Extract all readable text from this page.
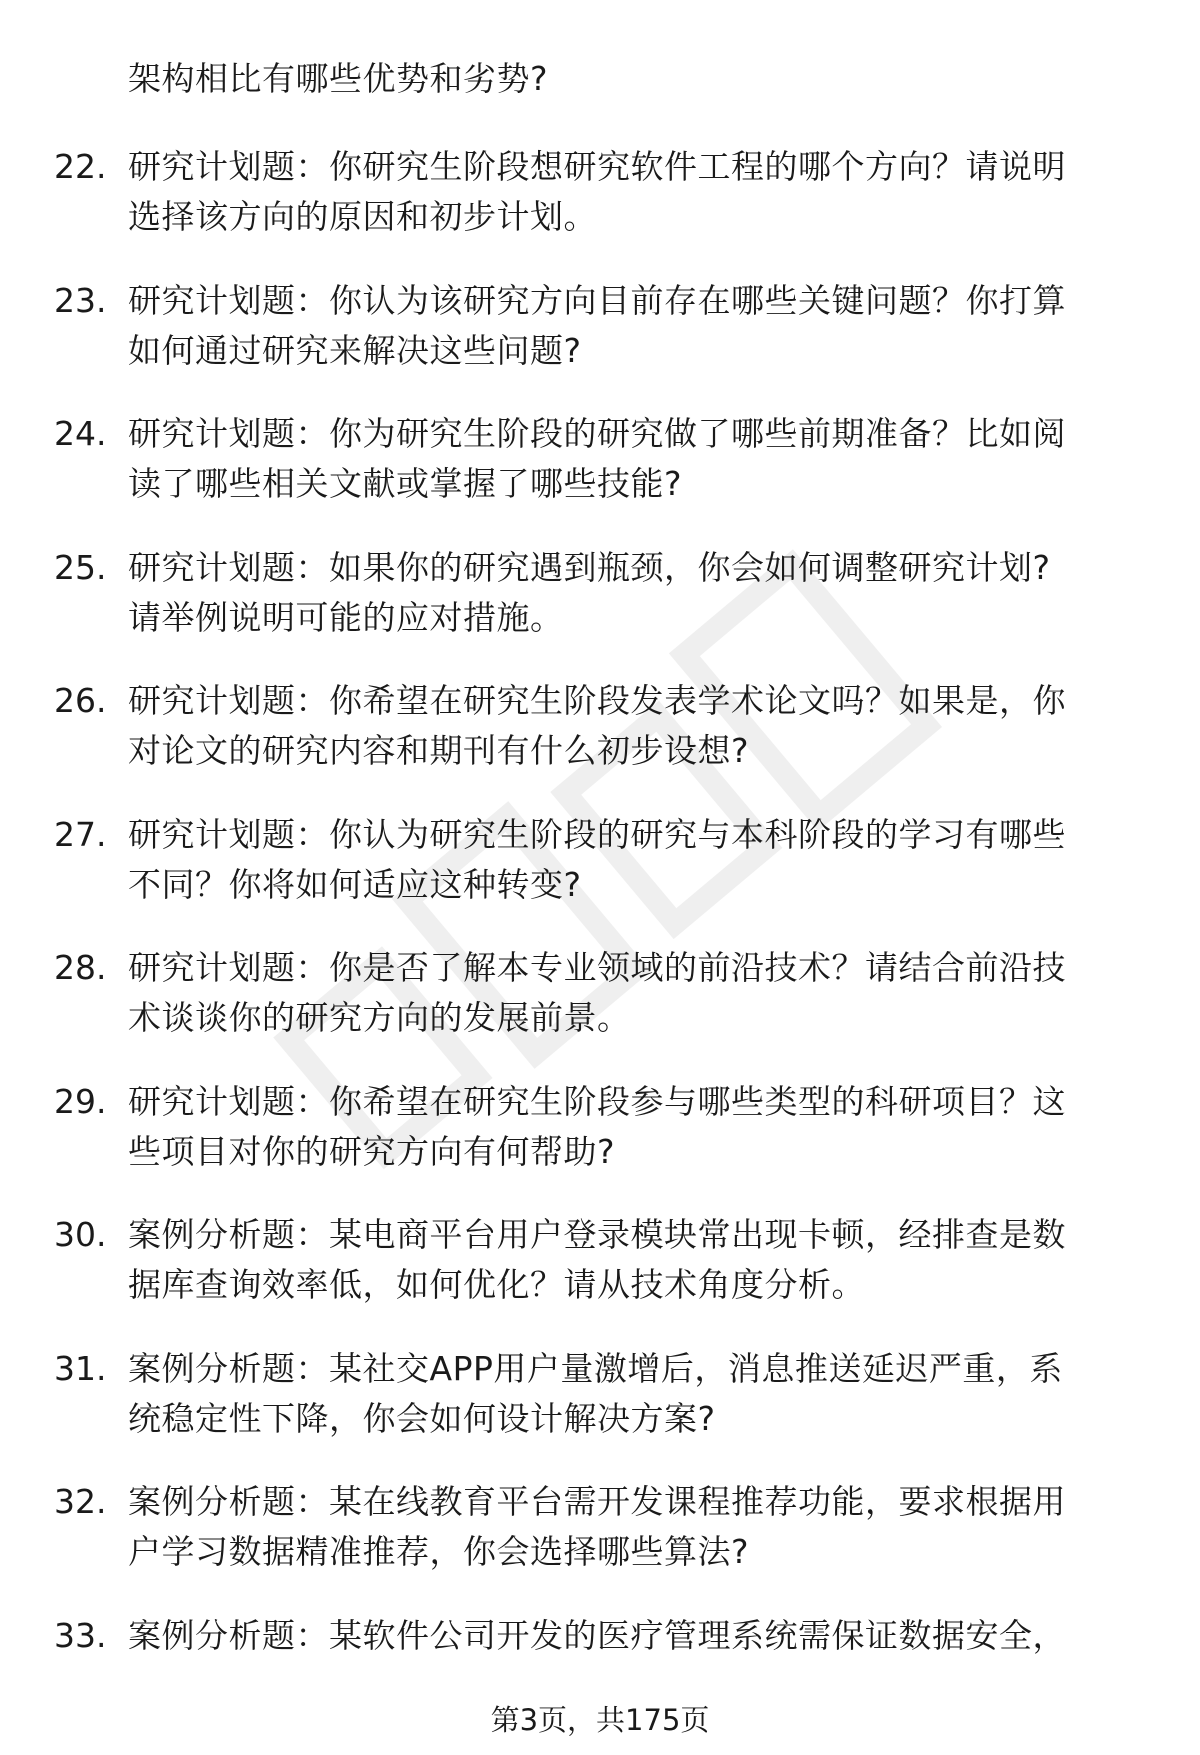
架构相比有哪些优势和劣势?
22. 研究计划题：你研究生阶段想研究软件工程的哪个方向？请说明
选择该方向的原因和初步计划。
23. 研究计划题：你认为该研究方向目前存在哪些关键问题？你打算
如何通过研究来解决这些问题?
24. 研究计划题：你为研究生阶段的研究做了哪些前期准备？比如阅
读了哪些相关文献或掌握了哪些技能?
25. 研究计划题：如果你的研究遇到瓶颈，你会如何调整研究计划?
请举例说明可能的应对措施。
26. 研究计划题：你希望在研究生阶段发表学术论文吗？如果是，你
对论文的研究内容和期刊有什么初步设想?
27. 研究计划题：你认为研究生阶段的研究与本科阶段的学习有哪些
不同？你将如何适应这种转变?
28. 研究计划题：你是否了解本专业领域的前沿技术？请结合前沿技
术谈谈你的研究方向的发展前景。
29. 研究计划题：你希望在研究生阶段参与哪些类型的科研项目？这
些项目对你的研究方向有何帮助?
30. 案例分析题：某电商平台用户登录模块常出现卡顿，经排查是数
据库查询效率低，如何优化？请从技术角度分析。
31. 案例分析题：某社交APP用户量激增后，消息推送延迟严重，系
统稳定性下降，你会如何设计解决方案?
32. 案例分析题：某在线教育平台需开发课程推荐功能，要求根据用
户学习数据精准推荐，你会选择哪些算法?
33. 案例分析题：某软件公司开发的医疗管理系统需保证数据安全，
第3页，共175页
